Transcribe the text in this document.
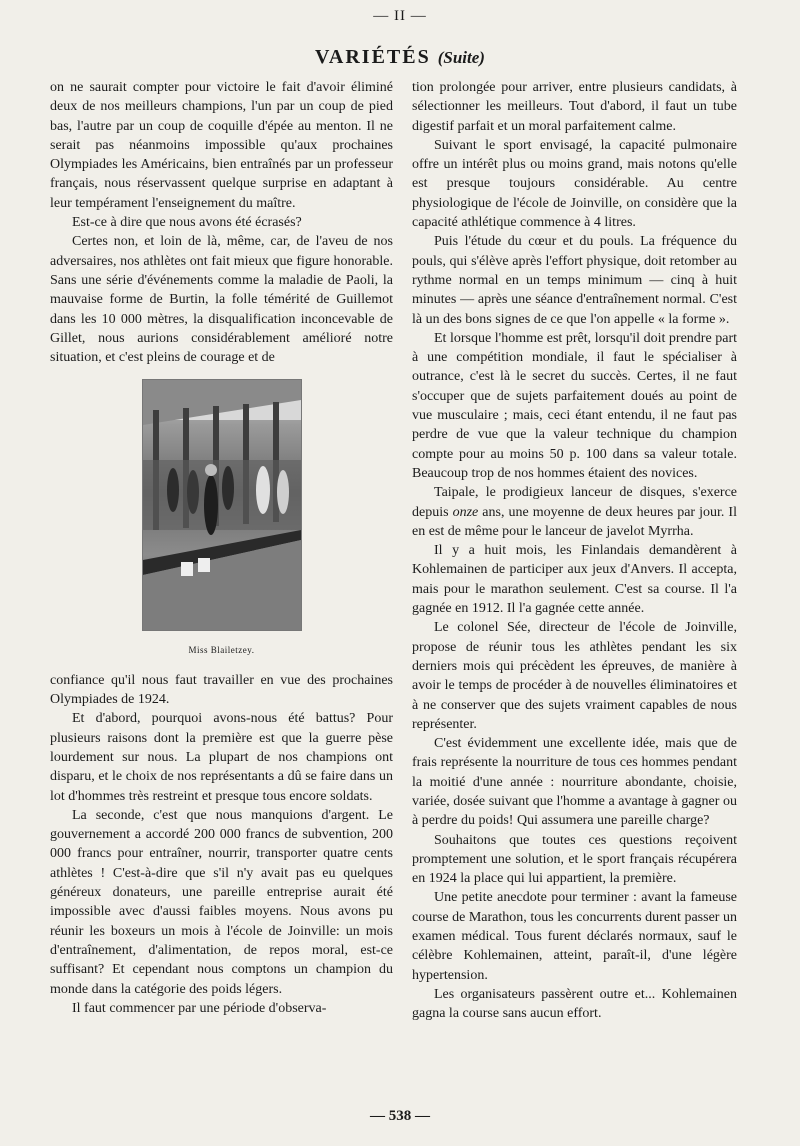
— II —
VARIÉTÉS (Suite)

on ne saurait compter pour victoire le fait d'avoir éliminé deux de nos meilleurs champions, l'un par un coup de pied bas, l'autre par un coup de coquille d'épée au menton. Il ne serait pas néanmoins impossible qu'aux prochaines Olympiades les Américains, bien entraînés par un professeur français, nous réservassent quelque surprise en adaptant à leur tempérament l'enseignement du maître.

Est-ce à dire que nous avons été écrasés?

Certes non, et loin de là, même, car, de l'aveu de nos adversaires, nos athlètes ont fait mieux que figure honorable. Sans une série d'événements comme la maladie de Paoli, la mauvaise forme de Burtin, la folle témérité de Guillemot dans les 10 000 mètres, la disqualification inconcevable de Gillet, nous aurions considérablement amélioré notre situation, et c'est pleins de courage et de

Miss Blailetzey.

confiance qu'il nous faut travailler en vue des prochaines Olympiades de 1924.

Et d'abord, pourquoi avons-nous été battus? Pour plusieurs raisons dont la première est que la guerre pèse lourdement sur nous. La plupart de nos champions ont disparu, et le choix de nos représentants a dû se faire dans un lot d'hommes très restreint et presque tous encore soldats.

La seconde, c'est que nous manquions d'argent. Le gouvernement a accordé 200 000 francs de subvention, 200 000 francs pour entraîner, nourrir, transporter quatre cents athlètes ! C'est-à-dire que s'il n'y avait pas eu quelques généreux donateurs, une pareille entreprise aurait été impossible avec d'aussi faibles moyens. Nous avons pu réunir les boxeurs un mois à l'école de Joinville: un mois d'entraînement, d'alimentation, de repos moral, est-ce suffisant? Et cependant nous comptons un champion du monde dans la catégorie des poids légers.

Il faut commencer par une période d'observa-

tion prolongée pour arriver, entre plusieurs candidats, à sélectionner les meilleurs. Tout d'abord, il faut un tube digestif parfait et un moral parfaitement calme.

Suivant le sport envisagé, la capacité pulmonaire offre un intérêt plus ou moins grand, mais notons qu'elle est presque toujours considérable. Au centre physiologique de l'école de Joinville, on considère que la capacité athlétique commence à 4 litres.

Puis l'étude du cœur et du pouls. La fréquence du pouls, qui s'élève après l'effort physique, doit retomber au rythme normal en un temps minimum — cinq à huit minutes — après une séance d'entraînement normal. C'est là un des bons signes de ce que l'on appelle « la forme ».

Et lorsque l'homme est prêt, lorsqu'il doit prendre part à une compétition mondiale, il faut le spécialiser à outrance, c'est là le secret du succès. Certes, il ne faut s'occuper que de sujets parfaitement doués au point de vue musculaire ; mais, ceci étant entendu, il ne faut pas perdre de vue que la valeur technique du champion compte pour au moins 50 p. 100 dans sa valeur totale. Beaucoup trop de nos hommes étaient des novices.

Taipale, le prodigieux lanceur de disques, s'exerce depuis onze ans, une moyenne de deux heures par jour. Il en est de même pour le lanceur de javelot Myrrha.

Il y a huit mois, les Finlandais demandèrent à Kohlemainen de participer aux jeux d'Anvers. Il accepta, mais pour le marathon seulement. C'est sa course. Il l'a gagnée en 1912. Il l'a gagnée cette année.

Le colonel Sée, directeur de l'école de Joinville, propose de réunir tous les athlètes pendant les six derniers mois qui précèdent les épreuves, de manière à avoir le temps de procéder à de nouvelles éliminatoires et à ne conserver que des sujets vraiment capables de nous représenter.

C'est évidemment une excellente idée, mais que de frais représente la nourriture de tous ces hommes pendant la moitié d'une année : nourriture abondante, choisie, variée, dosée suivant que l'homme a avantage à gagner ou à perdre du poids! Qui assumera une pareille charge?

Souhaitons que toutes ces questions reçoivent promptement une solution, et le sport français récupérera en 1924 la place qui lui appartient, la première.

Une petite anecdote pour terminer : avant la fameuse course de Marathon, tous les concurrents durent passer un examen médical. Tous furent déclarés normaux, sauf le célèbre Kohlemainen, atteint, paraît-il, d'une légère hypertension.

Les organisateurs passèrent outre et... Kohlemainen gagna la course sans aucun effort.

— 538 —
